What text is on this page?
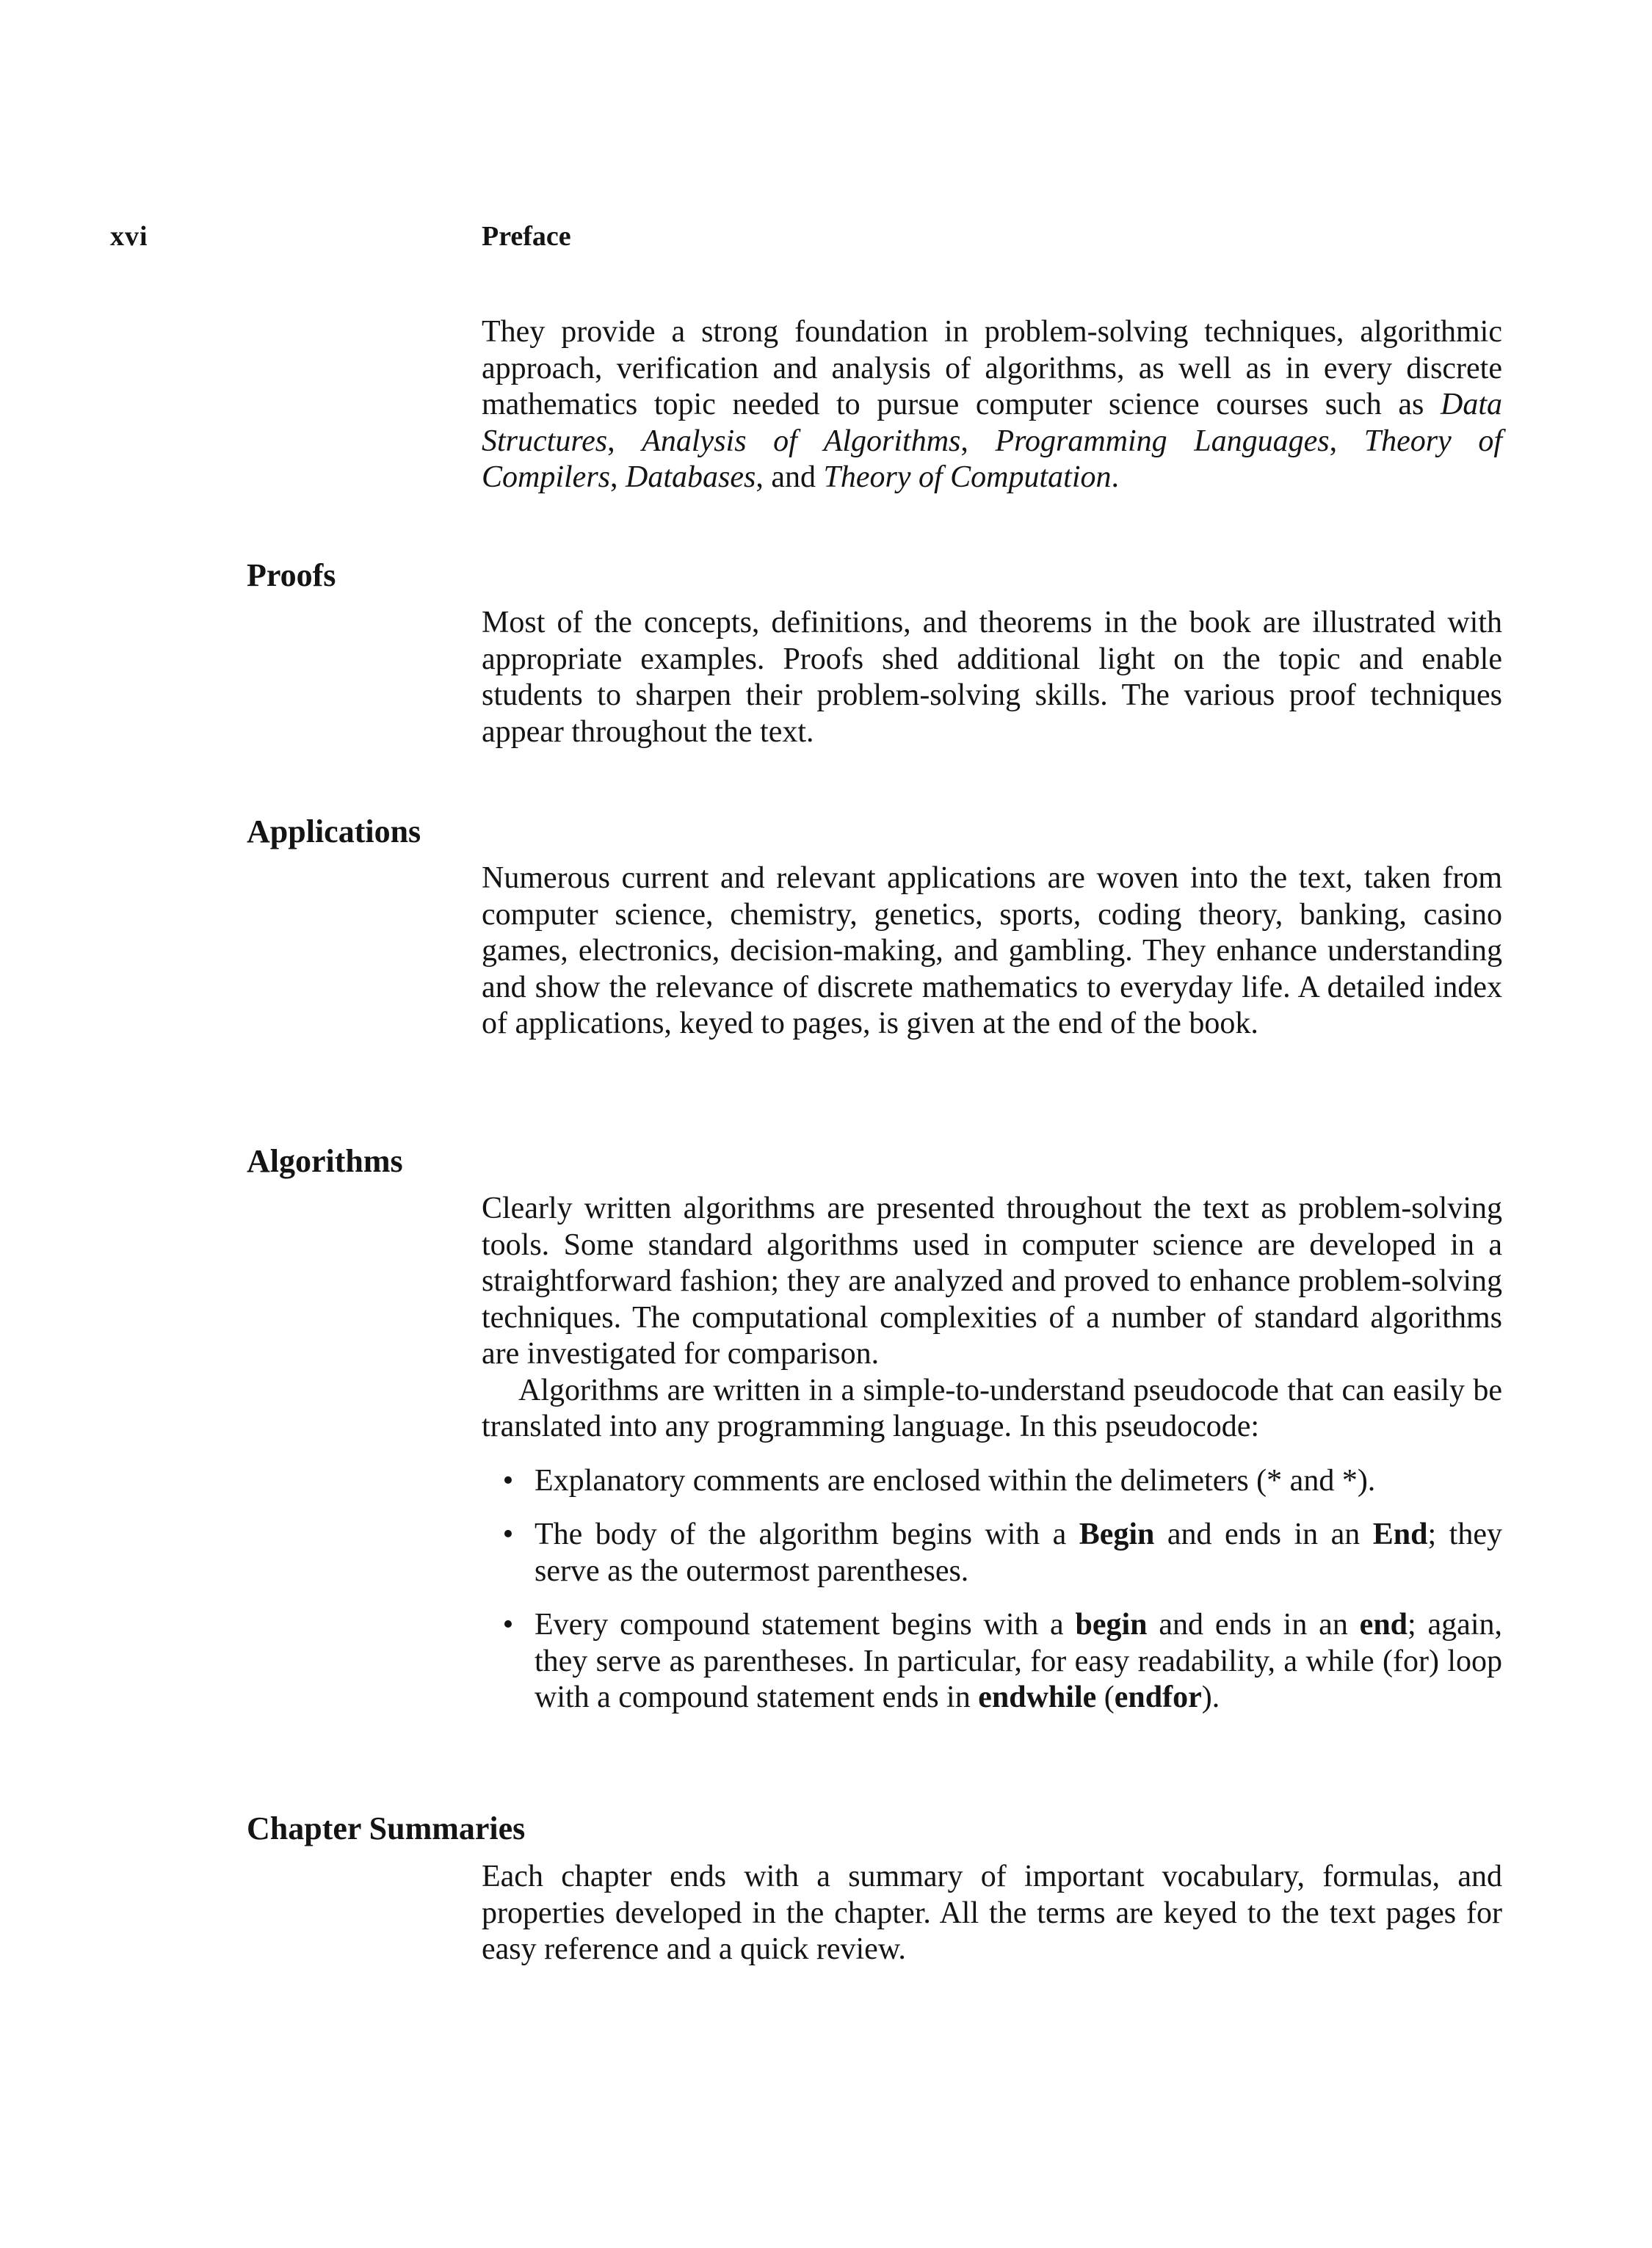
xvi	Preface

They provide a strong foundation in problem-solving techniques, algorithmic approach, verification and analysis of algorithms, as well as in every discrete mathematics topic needed to pursue computer science courses such as Data Structures, Analysis of Algorithms, Programming Languages, Theory of Compilers, Databases, and Theory of Computation.

Proofs

Most of the concepts, definitions, and theorems in the book are illustrated with appropriate examples. Proofs shed additional light on the topic and enable students to sharpen their problem-solving skills. The various proof techniques appear throughout the text.

Applications

Numerous current and relevant applications are woven into the text, taken from computer science, chemistry, genetics, sports, coding theory, banking, casino games, electronics, decision-making, and gambling. They enhance understanding and show the relevance of discrete mathematics to everyday life. A detailed index of applications, keyed to pages, is given at the end of the book.

Algorithms

Clearly written algorithms are presented throughout the text as problem-solving tools. Some standard algorithms used in computer science are developed in a straightforward fashion; they are analyzed and proved to enhance problem-solving techniques. The computational complexities of a number of standard algorithms are investigated for comparison.

Algorithms are written in a simple-to-understand pseudocode that can easily be translated into any programming language. In this pseudocode:

• Explanatory comments are enclosed within the delimeters (* and *).
• The body of the algorithm begins with a Begin and ends in an End; they serve as the outermost parentheses.
• Every compound statement begins with a begin and ends in an end; again, they serve as parentheses. In particular, for easy readability, a while (for) loop with a compound statement ends in endwhile (endfor).
Chapter Summaries

Each chapter ends with a summary of important vocabulary, formulas, and properties developed in the chapter. All the terms are keyed to the text pages for easy reference and a quick review.
